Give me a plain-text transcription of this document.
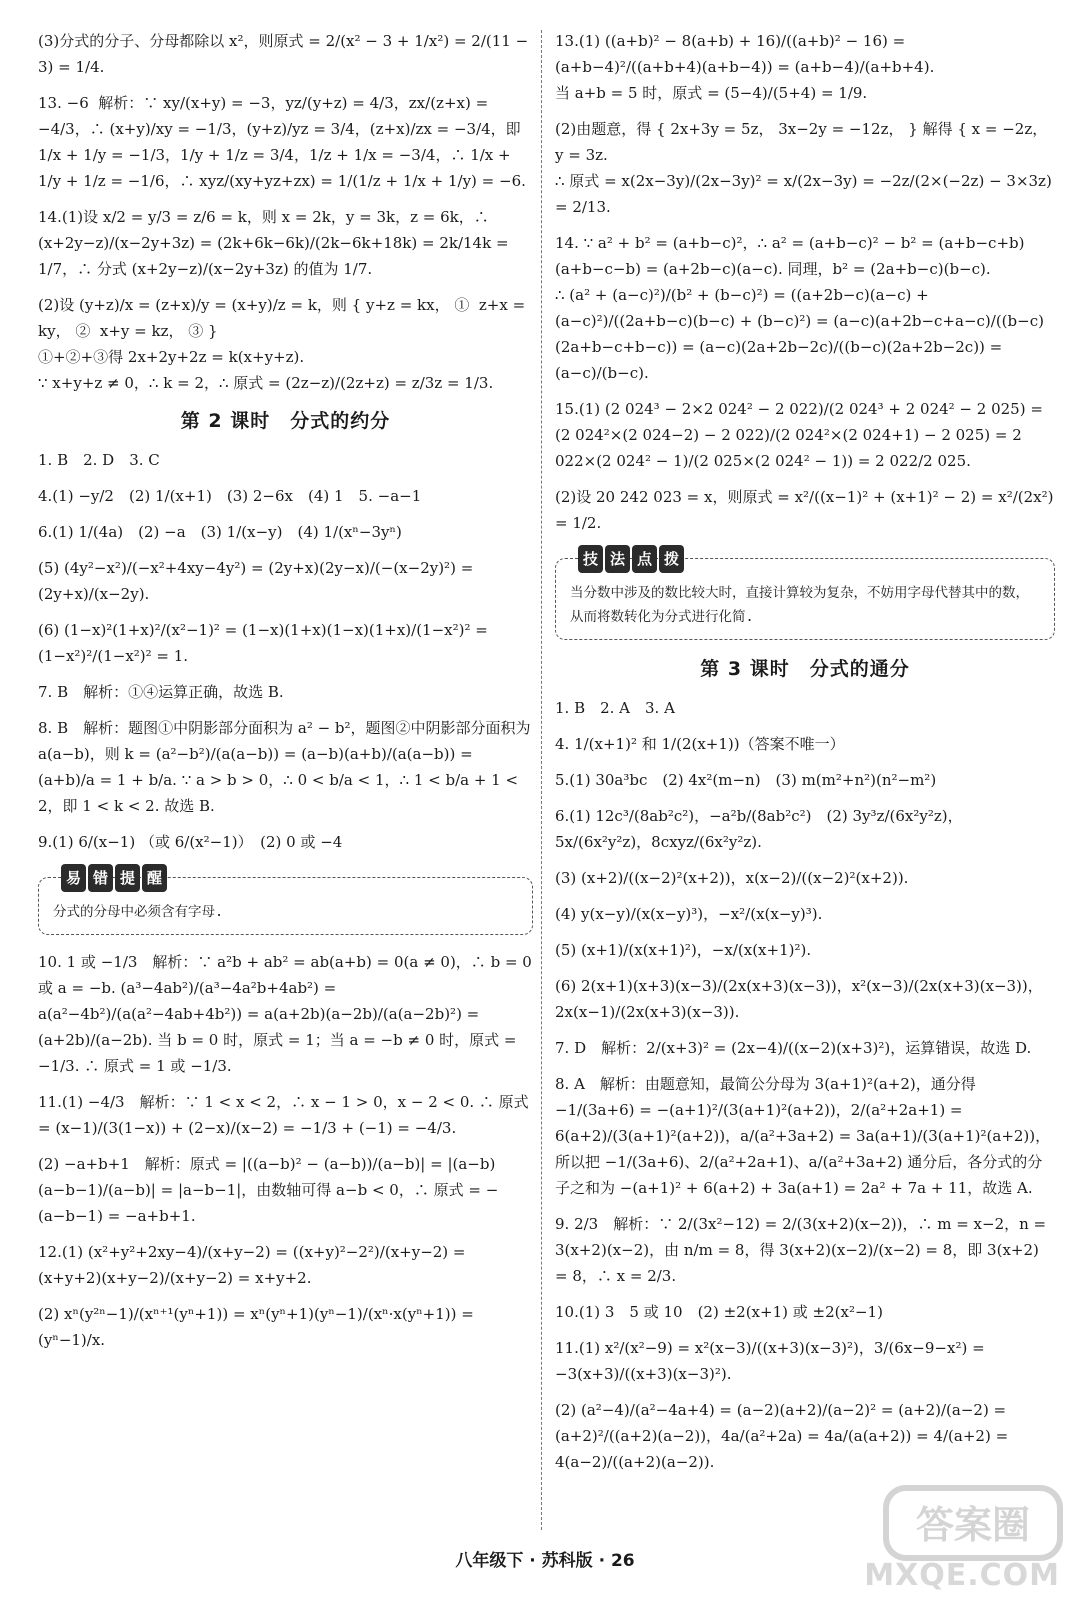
(3)分式的分子、分母都除以 x²，则原式 = 2/(x² − 3 + 1/x²) = 2/(11 − 3) = 1/4.
13. −6  解析：∵ xy/(x+y) = −3，yz/(y+z) = 4/3，zx/(z+x) = −4/3，∴ (x+y)/xy = −1/3，(y+z)/yz = 3/4，(z+x)/zx = −3/4，即 1/x + 1/y = −1/3，1/y + 1/z = 3/4，1/z + 1/x = −3/4，∴ 1/x + 1/y + 1/z = −1/6，∴ xyz/(xy+yz+zx) = 1/(1/z + 1/x + 1/y) = −6.
14.(1)设 x/2 = y/3 = z/6 = k，则 x = 2k，y = 3k，z = 6k，∴ (x+2y−z)/(x−2y+3z) = (2k+6k−6k)/(2k−6k+18k) = 2k/14k = 1/7，∴ 分式 (x+2y−z)/(x−2y+3z) 的值为 1/7.
(2)设 (y+z)/x = (z+x)/y = (x+y)/z = k，则 { y+z = kx， ①  z+x = ky， ②  x+y = kz， ③ }
①+②+③得 2x+2y+2z = k(x+y+z).
∵ x+y+z ≠ 0，∴ k = 2，∴ 原式 = (2z−z)/(2z+z) = z/3z = 1/3.
第 2 课时　分式的约分
1. B　2. D　3. C
4.(1) −y/2　(2) 1/(x+1)　(3) 2−6x　(4) 1　5. −a−1
6.(1) 1/(4a)　(2) −a　(3) 1/(x−y)　(4) 1/(xⁿ−3yⁿ)
(5) (4y²−x²)/(−x²+4xy−4y²) = (2y+x)(2y−x)/(−(x−2y)²) = (2y+x)/(x−2y).
(6) (1−x)²(1+x)²/(x²−1)² = (1−x)(1+x)(1−x)(1+x)/(1−x²)² = (1−x²)²/(1−x²)² = 1.
7. B　解析：①④运算正确，故选 B.
8. B　解析：题图①中阴影部分面积为 a² − b²，题图②中阴影部分面积为 a(a−b)，则 k = (a²−b²)/(a(a−b)) = (a−b)(a+b)/(a(a−b)) = (a+b)/a = 1 + b/a. ∵ a > b > 0，∴ 0 < b/a < 1，∴ 1 < b/a + 1 < 2，即 1 < k < 2. 故选 B.
9.(1) 6/(x−1) （或 6/(x²−1)）　(2) 0 或 −4
易 错 提 醒
分式的分母中必须含有字母.
10. 1 或 −1/3　解析：∵ a²b + ab² = ab(a+b) = 0(a ≠ 0)，∴ b = 0 或 a = −b. (a³−4ab²)/(a³−4a²b+4ab²) = a(a²−4b²)/(a(a²−4ab+4b²)) = a(a+2b)(a−2b)/(a(a−2b)²) = (a+2b)/(a−2b). 当 b = 0 时，原式 = 1；当 a = −b ≠ 0 时，原式 = −1/3. ∴ 原式 = 1 或 −1/3.
11.(1) −4/3　解析：∵ 1 < x < 2，∴ x − 1 > 0，x − 2 < 0. ∴ 原式 = (x−1)/(3(1−x)) + (2−x)/(x−2) = −1/3 + (−1) = −4/3.
(2) −a+b+1　解析：原式 = |((a−b)² − (a−b))/(a−b)| = |(a−b)(a−b−1)/(a−b)| = |a−b−1|，由数轴可得 a−b < 0，∴ 原式 = −(a−b−1) = −a+b+1.
12.(1) (x²+y²+2xy−4)/(x+y−2) = ((x+y)²−2²)/(x+y−2) = (x+y+2)(x+y−2)/(x+y−2) = x+y+2.
(2) xⁿ(y²ⁿ−1)/(xⁿ⁺¹(yⁿ+1)) = xⁿ(yⁿ+1)(yⁿ−1)/(xⁿ·x(yⁿ+1)) = (yⁿ−1)/x.
13.(1) ((a+b)² − 8(a+b) + 16)/((a+b)² − 16) = (a+b−4)²/((a+b+4)(a+b−4)) = (a+b−4)/(a+b+4).
当 a+b = 5 时，原式 = (5−4)/(5+4) = 1/9.
(2)由题意，得 { 2x+3y = 5z， 3x−2y = −12z， } 解得 { x = −2z， y = 3z.
∴ 原式 = x(2x−3y)/(2x−3y)² = x/(2x−3y) = −2z/(2×(−2z) − 3×3z) = 2/13.
14. ∵ a² + b² = (a+b−c)²，∴ a² = (a+b−c)² − b² = (a+b−c+b)(a+b−c−b) = (a+2b−c)(a−c). 同理，b² = (2a+b−c)(b−c).
∴ (a² + (a−c)²)/(b² + (b−c)²) = ((a+2b−c)(a−c) + (a−c)²)/((2a+b−c)(b−c) + (b−c)²) = (a−c)(a+2b−c+a−c)/((b−c)(2a+b−c+b−c)) = (a−c)(2a+2b−2c)/((b−c)(2a+2b−2c)) = (a−c)/(b−c).
15.(1) (2 024³ − 2×2 024² − 2 022)/(2 024³ + 2 024² − 2 025) = (2 024²×(2 024−2) − 2 022)/(2 024²×(2 024+1) − 2 025) = 2 022×(2 024² − 1)/(2 025×(2 024² − 1)) = 2 022/2 025.
(2)设 20 242 023 = x，则原式 = x²/((x−1)² + (x+1)² − 2) = x²/(2x²) = 1/2.
技 法 点 拨
当分数中涉及的数比较大时，直接计算较为复杂，不妨用字母代替其中的数，从而将数转化为分式进行化简.
第 3 课时　分式的通分
1. B　2. A　3. A
4. 1/(x+1)² 和 1/(2(x+1))（答案不唯一）
5.(1) 30a³bc　(2) 4x²(m−n)　(3) m(m²+n²)(n²−m²)
6.(1) 12c³/(8ab²c²)，−a²b/(8ab²c²)　(2) 3y³z/(6x²y²z)，5x/(6x²y²z)，8cxyz/(6x²y²z).
(3) (x+2)/((x−2)²(x+2))，x(x−2)/((x−2)²(x+2)).
(4) y(x−y)/(x(x−y)³)，−x²/(x(x−y)³).
(5) (x+1)/(x(x+1)²)，−x/(x(x+1)²).
(6) 2(x+1)(x+3)(x−3)/(2x(x+3)(x−3))，x²(x−3)/(2x(x+3)(x−3))，2x(x−1)/(2x(x+3)(x−3)).
7. D　解析：2/(x+3)² = (2x−4)/((x−2)(x+3)²)，运算错误，故选 D.
8. A　解析：由题意知，最简公分母为 3(a+1)²(a+2)，通分得 −1/(3a+6) = −(a+1)²/(3(a+1)²(a+2))，2/(a²+2a+1) = 6(a+2)/(3(a+1)²(a+2))，a/(a²+3a+2) = 3a(a+1)/(3(a+1)²(a+2))，所以把 −1/(3a+6)、2/(a²+2a+1)、a/(a²+3a+2) 通分后，各分式的分子之和为 −(a+1)² + 6(a+2) + 3a(a+1) = 2a² + 7a + 11，故选 A.
9. 2/3　解析：∵ 2/(3x²−12) = 2/(3(x+2)(x−2))，∴ m = x−2，n = 3(x+2)(x−2)，由 n/m = 8，得 3(x+2)(x−2)/(x−2) = 8，即 3(x+2) = 8，∴ x = 2/3.
10.(1) 3　5 或 10　(2) ±2(x+1) 或 ±2(x²−1)
11.(1) x²/(x²−9) = x²(x−3)/((x+3)(x−3)²)，3/(6x−9−x²) = −3(x+3)/((x+3)(x−3)²).
(2) (a²−4)/(a²−4a+4) = (a−2)(a+2)/(a−2)² = (a+2)/(a−2) = (a+2)²/((a+2)(a−2))，4a/(a²+2a) = 4a/(a(a+2)) = 4/(a+2) = 4(a−2)/((a+2)(a−2)).
八年级下 · 苏科版 · 26
答案圈
MXQE.COM
